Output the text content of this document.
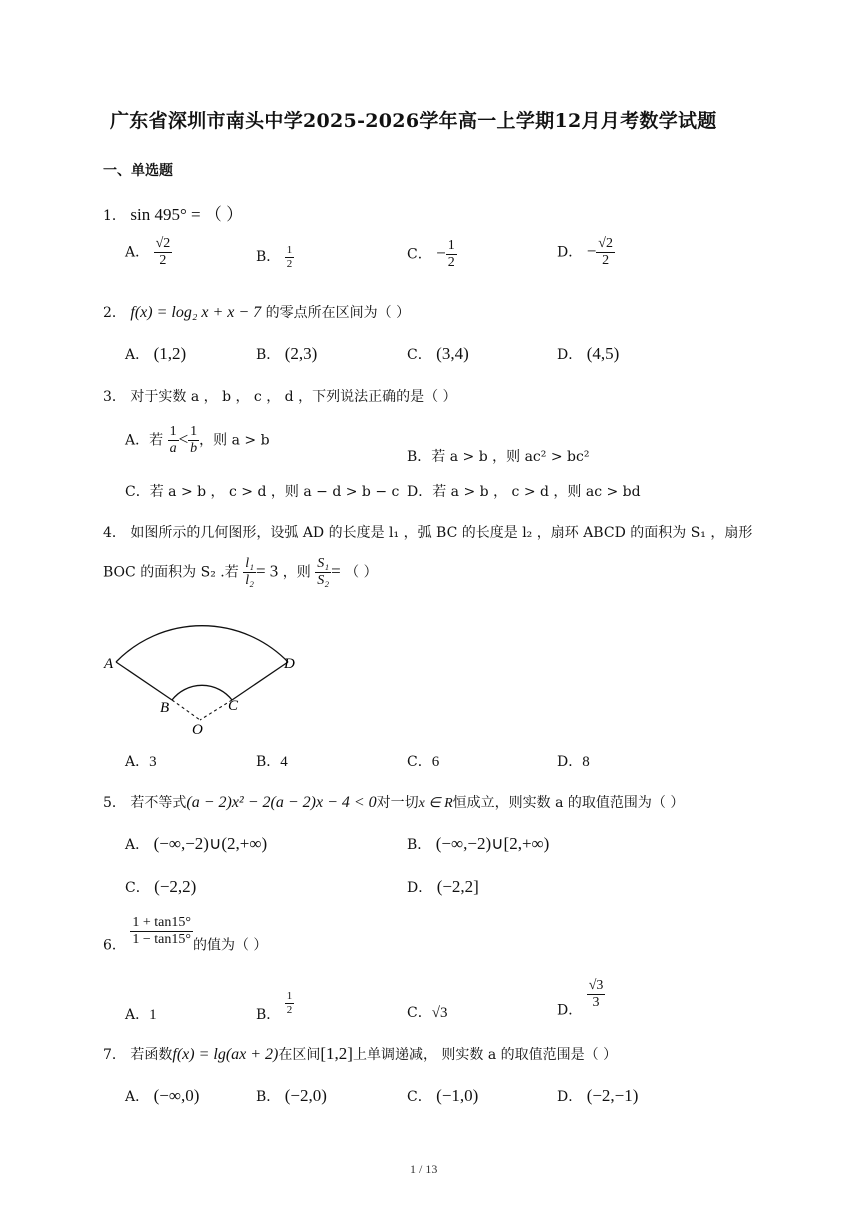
广东省深圳市南头中学2025-2026学年高一上学期12月月考数学试题
一、单选题
1． sin 495° = （ ）
A． $\frac{√2}{2}$	B． $\frac{1}{2}$	C． − $\frac{1}{2}$	D． − $\frac{√2}{2}$
2． f(x) = log₂ x + x − 7 的零点所在区间为（ ）
A． (1,2)	B． (2,3)	C． (3,4)	D． (4,5)
3． 对于实数 a ， b ， c ， d ，下列说法正确的是（ ）
A．若 $\frac{1}{a} < \frac{1}{b}$ ，则 a > b
B．若 a > b ，则 ac² > bc²
C．若 a > b ， c > d ，则 a − d > b − c D．若 a > b ， c > d ，则 ac > bd
4． 如图所示的几何图形，设弧 AD 的长度是 l₁ ，弧 BC 的长度是 l₂ ，扇环 ABCD 的面积为 S₁ ，扇形
BOC 的面积为 S₂ .若 $\frac{\text{l₁}}{\text{l₂}} = 3$ ，则 $\frac{\text{S₁}}{\text{S₂}}$ = （ ）
A	D
B	C
O
A．3	B．4	C．6	D．8
5． 若不等式(a − 2)x² − 2(a − 2)x − 4 < 0对一切x ∈ R恒成立，则实数 a 的取值范围为（ ）
A． (−∞,−2)∪(2,+∞)	B． (−∞,−2)∪[2,+∞)
C． (−2,2)	D． (−2,2]
6． $\frac{1 + \tan 15^\circ}{1 - \tan 15^\circ}$ 的值为（ ）
A．1	B． $\frac{1}{2}$	C．√3	D． $\frac{√3}{3}$
7． 若函数f(x) = lg(ax + 2)在区间[1,2]上单调递减， 则实数 a 的取值范围是（ ）
A． (−∞,0)	B． (−2,0)	C． (−1,0)	D． (−2,−1)
1 / 13
